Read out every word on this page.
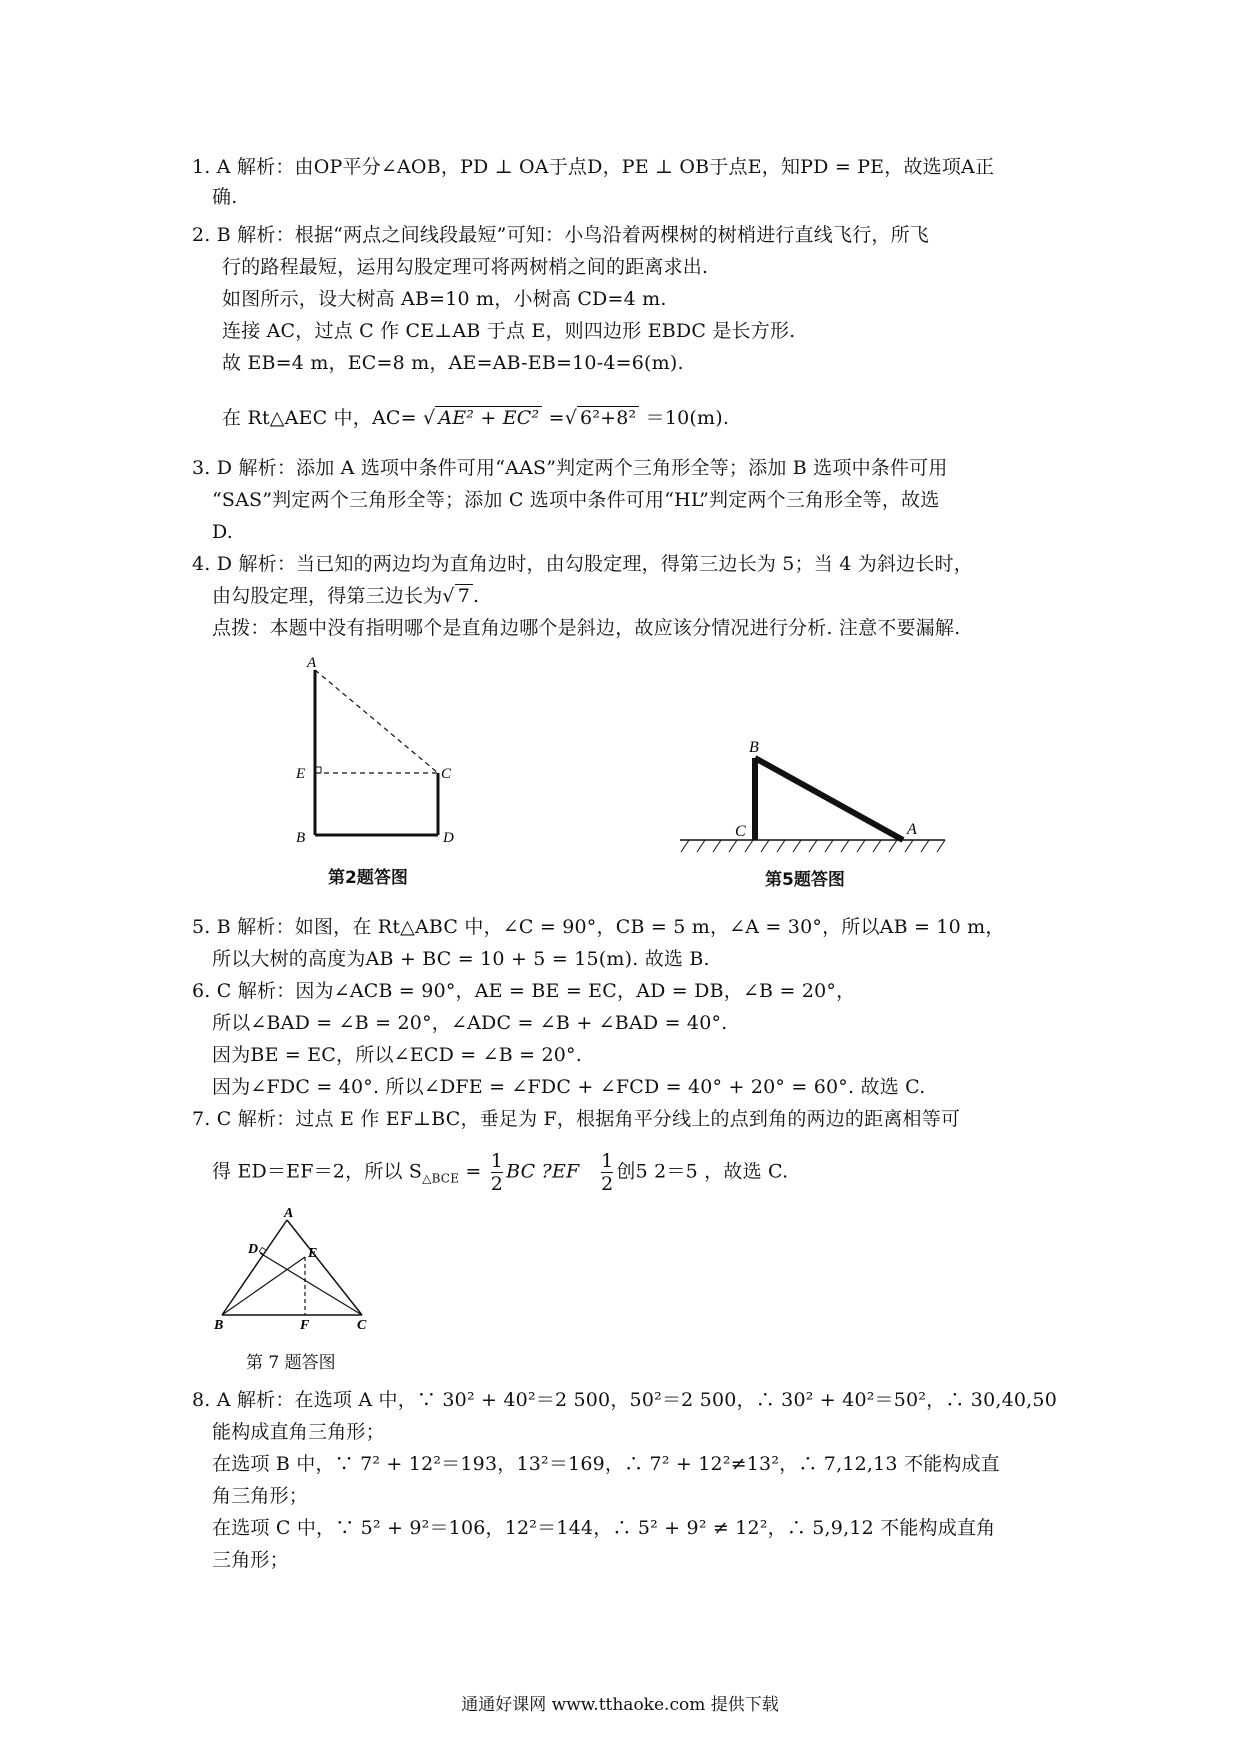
1. A 解析：由OP平分∠AOB，PD ⊥ OA于点D，PE ⊥ OB于点E，知PD = PE，故选项A正
确.
2. B 解析：根据“两点之间线段最短”可知：小鸟沿着两棵树的树梢进行直线飞行，所飞
行的路程最短，运用勾股定理可将两树梢之间的距离求出.
如图所示，设大树高 AB=10 m，小树高 CD=4 m.
连接 AC，过点 C 作 CE⊥AB 于点 E，则四边形 EBDC 是长方形.
故 EB=4 m，EC=8 m，AE=AB-EB=10-4=6(m).
在 Rt△AEC 中，AC= √ AE² + EC² =√ 6²+8² ＝10(m).
3. D 解析：添加 A 选项中条件可用“AAS”判定两个三角形全等；添加 B 选项中条件可用
“SAS”判定两个三角形全等；添加 C 选项中条件可用“HL”判定两个三角形全等，故选
D.
4. D 解析：当已知的两边均为直角边时，由勾股定理，得第三边长为 5；当 4 为斜边长时，
由勾股定理，得第三边长为√ 7 .
点拨：本题中没有指明哪个是直角边哪个是斜边，故应该分情况进行分析. 注意不要漏解.
A
E	C
B	D
第2题答图
B
C	A
第5题答图
5. B 解析：如图，在 Rt△ABC 中，∠C = 90°，CB = 5 m，∠A = 30°，所以AB = 10 m，
所以大树的高度为AB + BC = 10 + 5 = 15(m). 故选 B.
6. C 解析：因为∠ACB = 90°，AE = BE = EC，AD = DB，∠B = 20°，
所以∠BAD = ∠B = 20°，∠ADC = ∠B + ∠BAD = 40°.
因为BE = EC，所以∠ECD = ∠B = 20°.
因为∠FDC = 40°. 所以∠DFE = ∠FDC + ∠FCD = 40° + 20° = 60°. 故选 C.
7. C 解析：过点 E 作 EF⊥BC，垂足为 F，根据角平分线上的点到角的两边的距离相等可
得 ED＝EF＝2，所以 $S_{\triangle BCE} = \frac{1}{2}$ BC ?EF $\frac{1}{2}$ 创5 2＝5 ，故选 C.
A
D	E
B	F	C
第 7 题答图
8. A 解析：在选项 A 中，∵ 30² + 40²＝2 500，50²＝2 500，∴ 30² + 40²＝50²，∴ 30,40,50
能构成直角三角形；
在选项 B 中，∵ 7² + 12²＝193，13²＝169，∴ 7² + 12²≠13²，∴ 7,12,13 不能构成直
角三角形；
在选项 C 中，∵ 5² + 9²＝106，12²＝144，∴ 5² + 9² ≠ 12²，∴ 5,9,12 不能构成直角
三角形；
通通好课网 www.tthaoke.com 提供下载
